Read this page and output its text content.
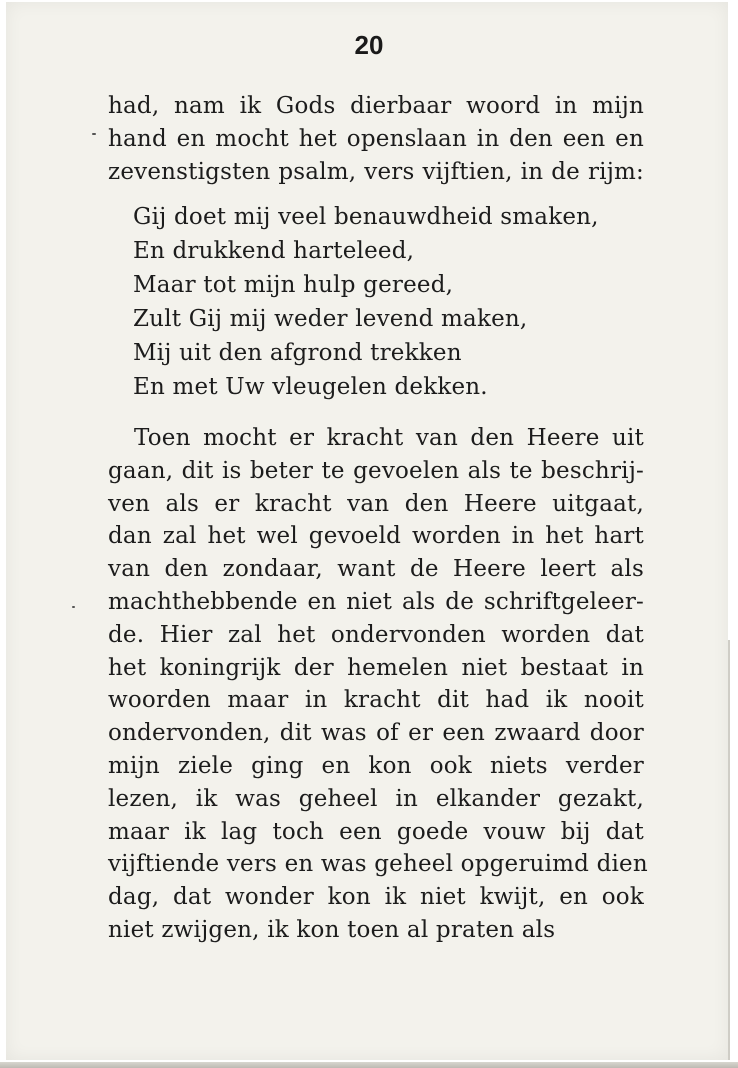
20
had, nam ik Gods dierbaar woord in mijn
hand en mocht het openslaan in den een en
zevenstigsten psalm, vers vijftien, in de rijm:
Gij doet mij veel benauwdheid smaken,
En drukkend harteleed,
Maar tot mijn hulp gereed,
Zult Gij mij weder levend maken,
Mij uit den afgrond trekken
En met Uw vleugelen dekken.
Toen mocht er kracht van den Heere uit
gaan, dit is beter te gevoelen als te beschrij-
ven als er kracht van den Heere uitgaat,
dan zal het wel gevoeld worden in het hart
van den zondaar, want de Heere leert als
machthebbende en niet als de schriftgeleer-
de. Hier zal het ondervonden worden dat
het koningrijk der hemelen niet bestaat in
woorden maar in kracht dit had ik nooit
ondervonden, dit was of er een zwaard door
mijn ziele ging en kon ook niets verder
lezen, ik was geheel in elkander gezakt,
maar ik lag toch een goede vouw bij dat
vijftiende vers en was geheel opgeruimd dien
dag, dat wonder kon ik niet kwijt, en ook
niet zwijgen, ik kon toen al praten als
